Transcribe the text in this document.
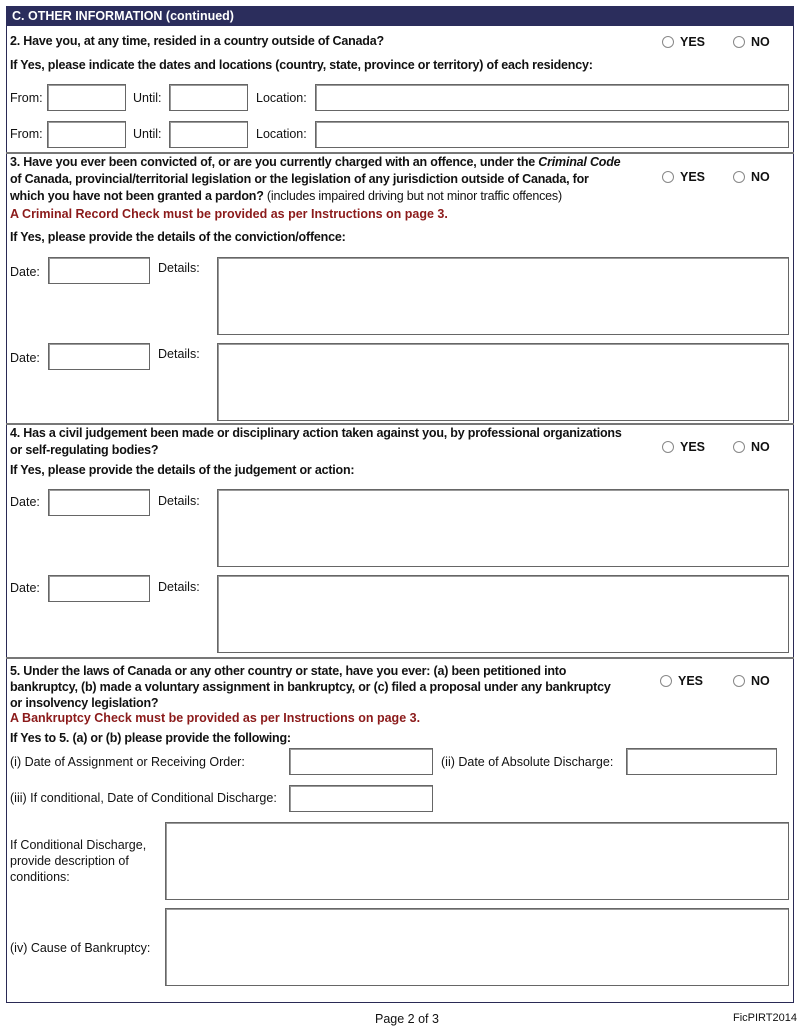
C. OTHER INFORMATION (continued)
2. Have you, at any time, resided in a country outside of Canada?	YES	NO
If Yes, please indicate the dates and locations (country, state, province or territory) of each residency:
From:	Until:	Location:
From:	Until:	Location:
3. Have you ever been convicted of, or are you currently charged with an offence, under the Criminal Code
of Canada, provincial/territorial legislation or the legislation of any jurisdiction outside of Canada, for
which you have not been granted a pardon? (includes impaired driving but not minor traffic offences)
YES	NO
A Criminal Record Check must be provided as per Instructions on page 3.
If Yes, please provide the details of the conviction/offence:
Date:	Details:
Date:	Details:
4. Has a civil judgement been made or disciplinary action taken against you, by professional organizations
or self-regulating bodies?	YES	NO
If Yes, please provide the details of the judgement or action:
Date:	Details:
Date:	Details:
5. Under the laws of Canada or any other country or state, have you ever: (a) been petitioned into
bankruptcy, (b) made a voluntary assignment in bankruptcy, or (c) filed a proposal under any bankruptcy
or insolvency legislation?
YES	NO
A Bankruptcy Check must be provided as per Instructions on page 3.
If Yes to 5. (a) or (b) please provide the following:
(i) Date of Assignment or Receiving Order:	(ii) Date of Absolute Discharge:
(iii) If conditional, Date of Conditional Discharge:
If Conditional Discharge,
provide description of
conditions:
(iv) Cause of Bankruptcy:
Page 2 of 3	FicPIRT2014
